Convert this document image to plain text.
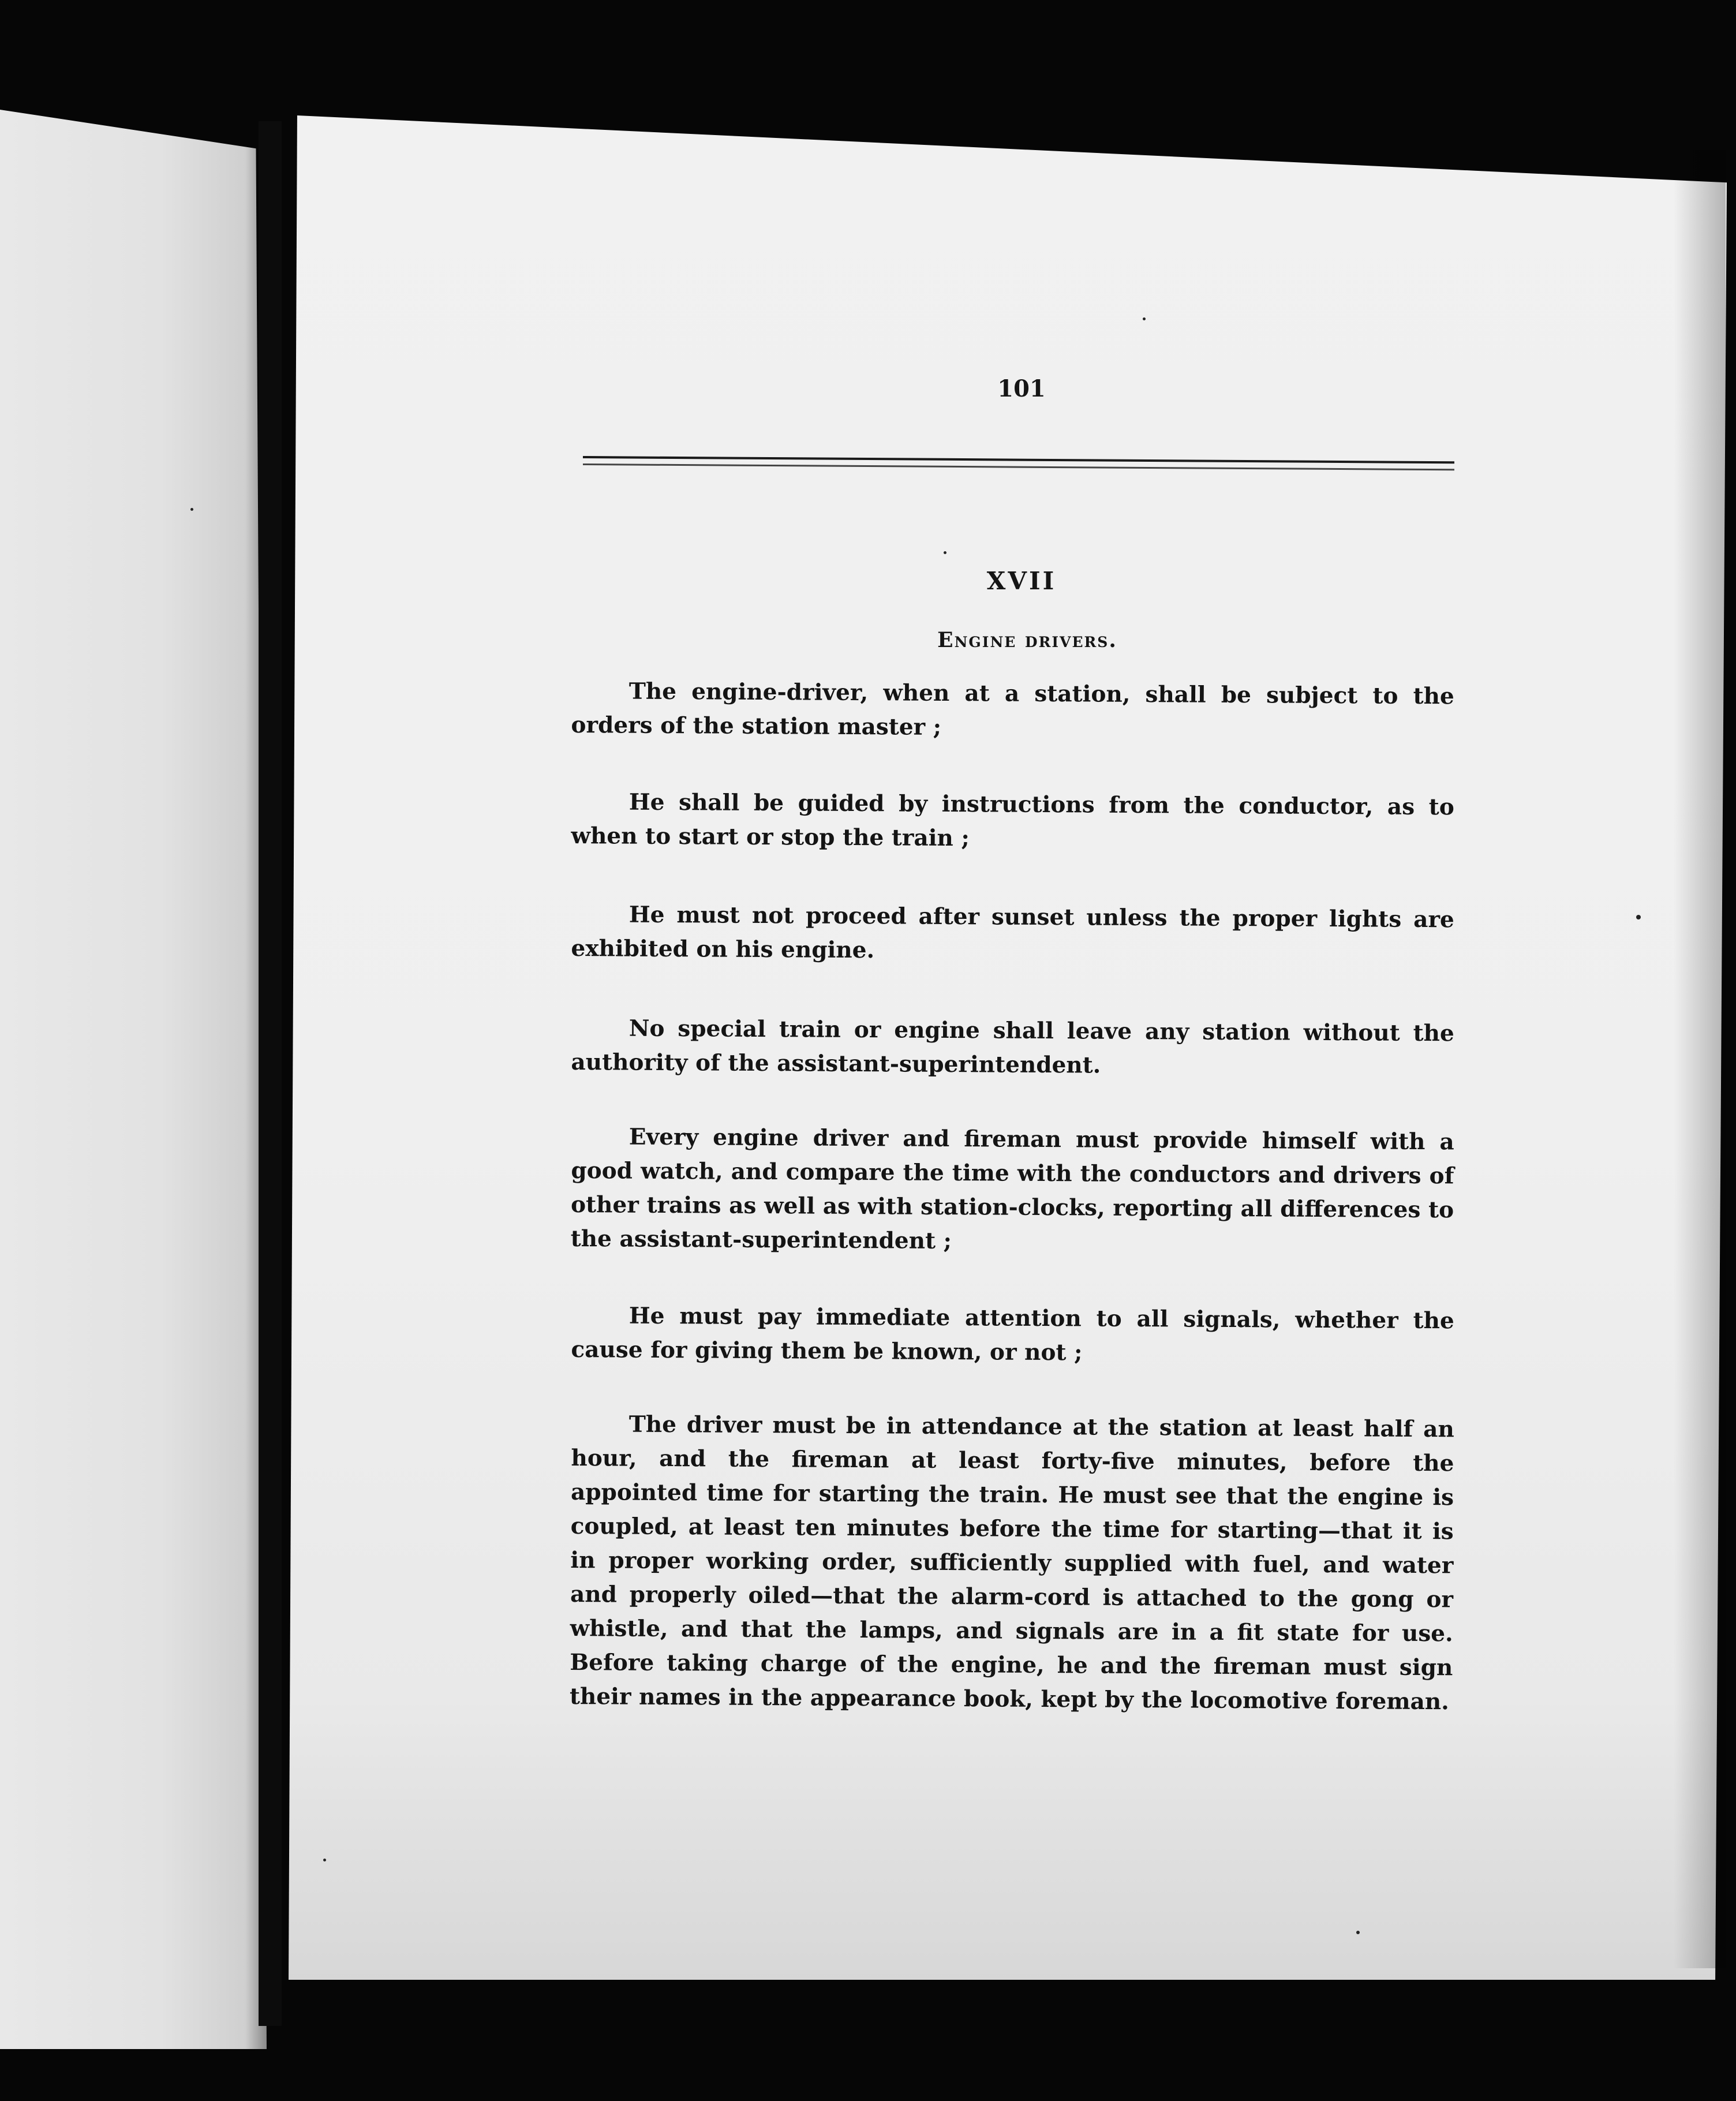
101
XVII
Engine drivers.

The engine-driver, when at a station, shall be subject to the orders of the station master ;

He shall be guided by instructions from the conductor, as to when to start or stop the train ;

He must not proceed after sunset unless the proper lights are exhibited on his engine.

No special train or engine shall leave any station without the authority of the assistant-superintendent.

Every engine driver and fireman must provide himself with a good watch, and compare the time with the conductors and drivers of other trains as well as with station-clocks, reporting all differences to the assistant-superintendent ;

He must pay immediate attention to all signals, whether the cause for giving them be known, or not ;

The driver must be in attendance at the station at least half an hour, and the fireman at least forty-five minutes, before the appointed time for starting the train. He must see that the engine is coupled, at least ten minutes before the time for starting—that it is in proper working order, sufficiently supplied with fuel, and water and properly oiled—that the alarm-cord is attached to the gong or whistle, and that the lamps, and signals are in a fit state for use. Before taking charge of the engine, he and the fireman must sign their names in the appearance book, kept by the locomotive foreman.
